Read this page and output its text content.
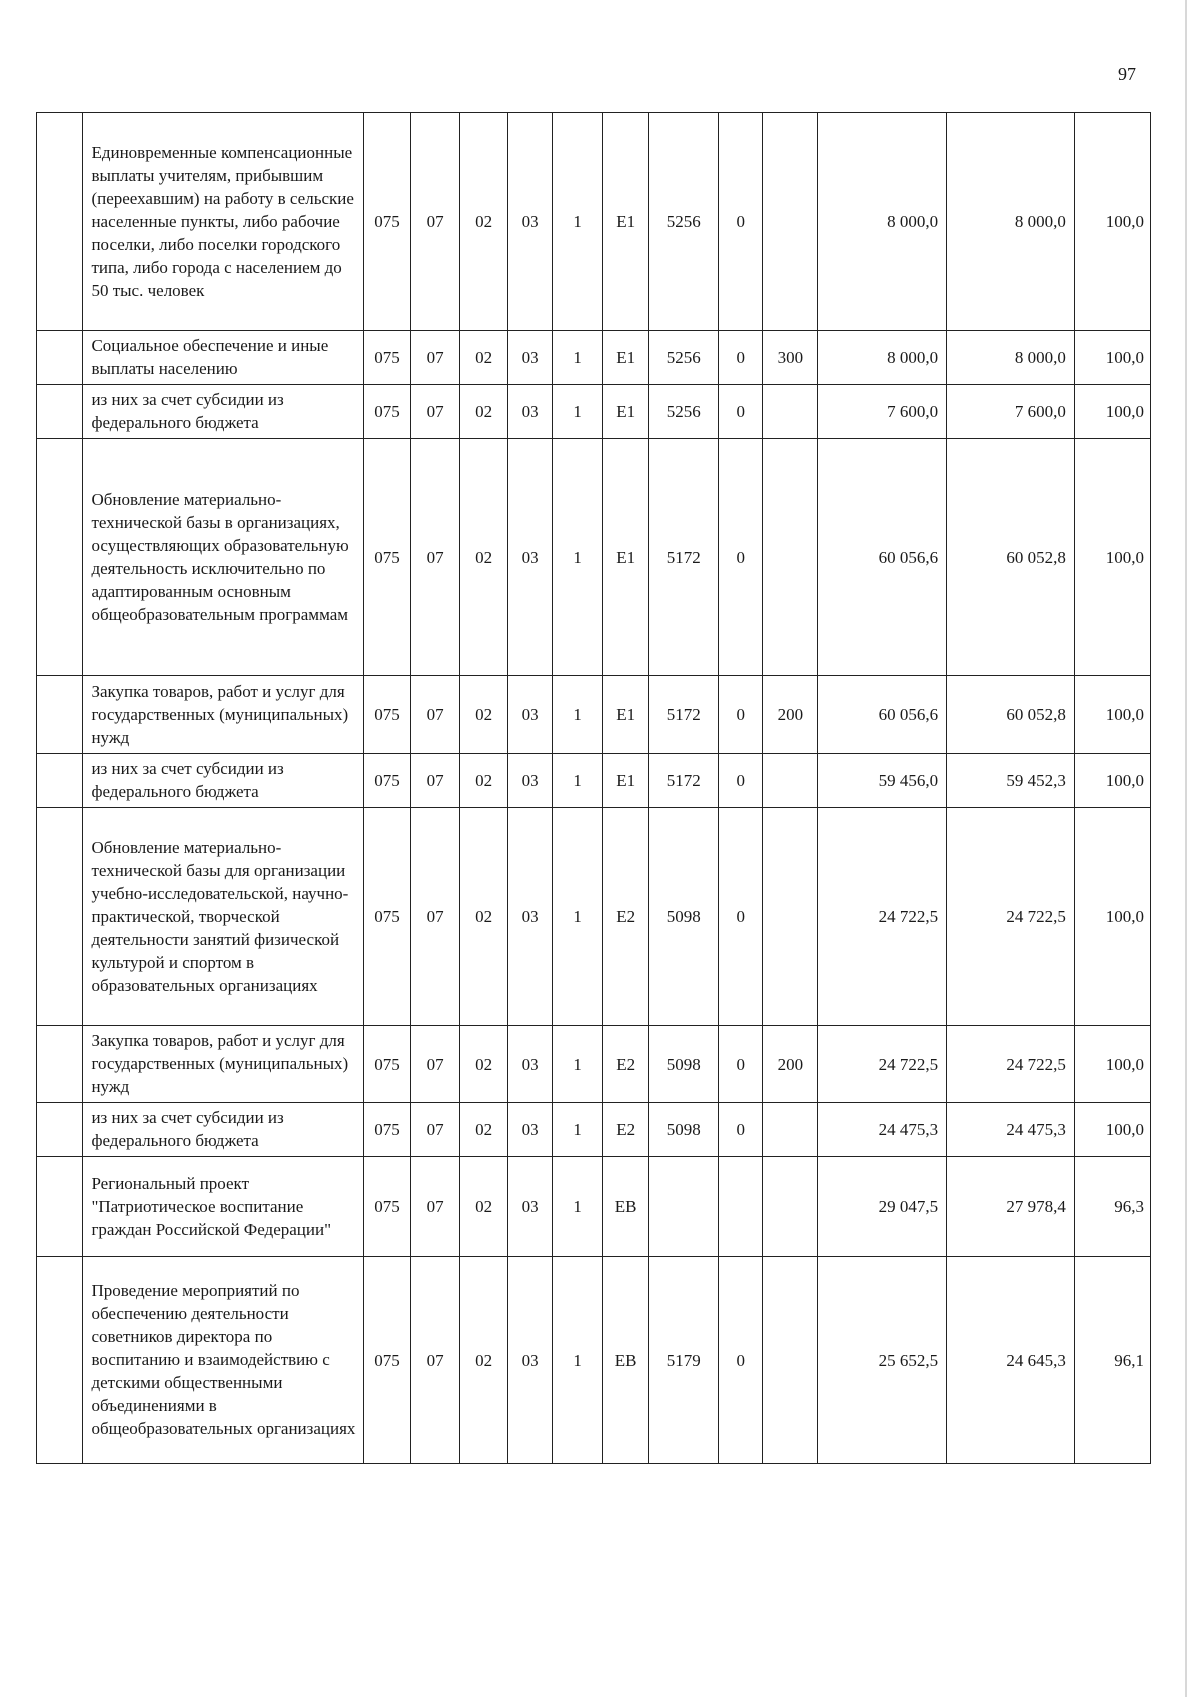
97
	Единовременные компенсационные выплаты учителям, прибывшим (переехавшим) на работу в сельские населенные пункты, либо рабочие поселки, либо поселки городского типа, либо города с населением до 50 тыс. человек	075	07	02	03	1	E1	5256	0		8 000,0	8 000,0	100,0
	Социальное обеспечение и иные выплаты населению	075	07	02	03	1	E1	5256	0	300	8 000,0	8 000,0	100,0
	из них за счет субсидии из федерального бюджета	075	07	02	03	1	E1	5256	0		7 600,0	7 600,0	100,0
	Обновление материально-технической базы в организациях, осуществляющих образовательную деятельность исключительно по адаптированным основным общеобразовательным программам	075	07	02	03	1	E1	5172	0		60 056,6	60 052,8	100,0
	Закупка товаров, работ и услуг для государственных (муниципальных) нужд	075	07	02	03	1	E1	5172	0	200	60 056,6	60 052,8	100,0
	из них за счет субсидии из федерального бюджета	075	07	02	03	1	E1	5172	0		59 456,0	59 452,3	100,0
	Обновление материально-технической базы для организации учебно-исследовательской, научно-практической, творческой деятельности занятий физической культурой и спортом в образовательных организациях	075	07	02	03	1	E2	5098	0		24 722,5	24 722,5	100,0
	Закупка товаров, работ и услуг для государственных (муниципальных) нужд	075	07	02	03	1	E2	5098	0	200	24 722,5	24 722,5	100,0
	из них за счет субсидии из федерального бюджета	075	07	02	03	1	E2	5098	0		24 475,3	24 475,3	100,0
	Региональный проект "Патриотическое воспитание граждан Российской Федерации"	075	07	02	03	1	EB				29 047,5	27 978,4	96,3
	Проведение мероприятий по обеспечению деятельности советников директора по воспитанию и взаимодействию с детскими общественными объединениями в общеобразовательных организациях	075	07	02	03	1	EB	5179	0		25 652,5	24 645,3	96,1
